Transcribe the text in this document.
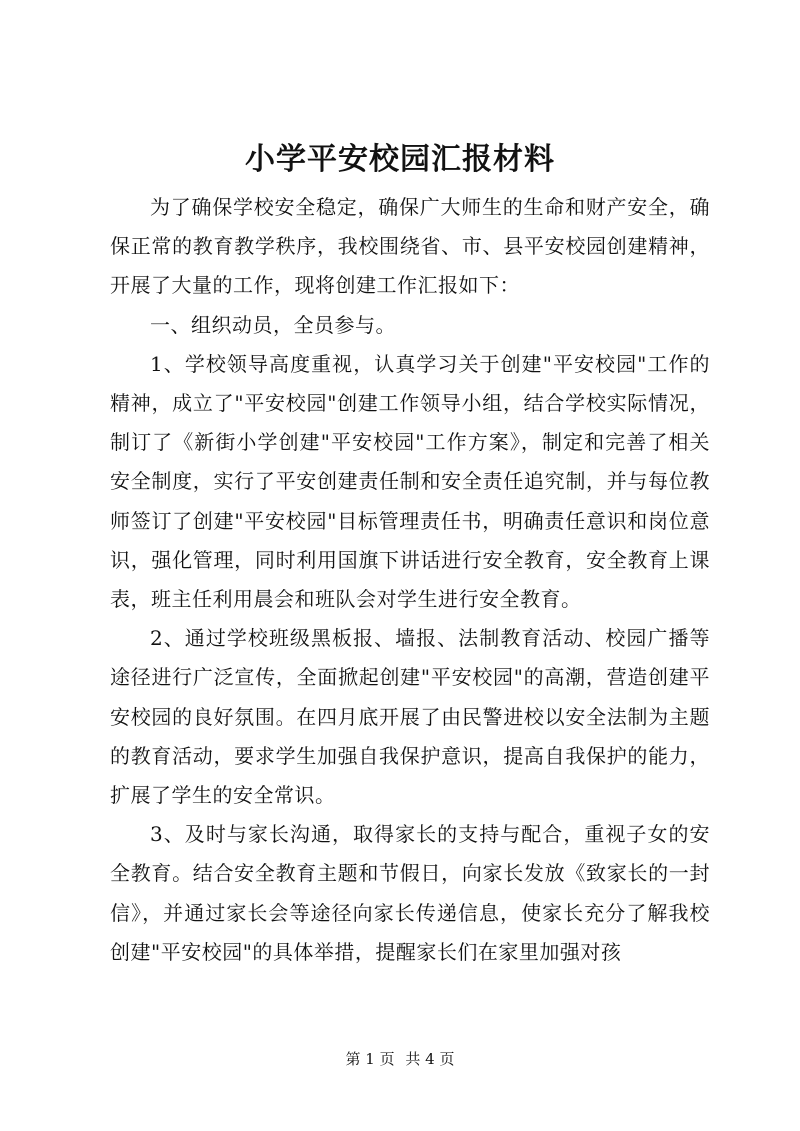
小学平安校园汇报材料

为了确保学校安全稳定，确保广大师生的生命和财产安全，确保正常的教育教学秩序，我校围绕省、市、县平安校园创建精神，开展了大量的工作，现将创建工作汇报如下：

一、组织动员，全员参与。

1、学校领导高度重视，认真学习关于创建"平安校园"工作的精神，成立了"平安校园"创建工作领导小组，结合学校实际情况，制订了《新街小学创建"平安校园"工作方案》，制定和完善了相关安全制度，实行了平安创建责任制和安全责任追究制，并与每位教师签订了创建"平安校园"目标管理责任书，明确责任意识和岗位意识，强化管理，同时利用国旗下讲话进行安全教育，安全教育上课表，班主任利用晨会和班队会对学生进行安全教育。

2、通过学校班级黑板报、墙报、法制教育活动、校园广播等途径进行广泛宣传，全面掀起创建"平安校园"的高潮，营造创建平安校园的良好氛围。在四月底开展了由民警进校以安全法制为主题的教育活动，要求学生加强自我保护意识，提高自我保护的能力，扩展了学生的安全常识。

3、及时与家长沟通，取得家长的支持与配合，重视子女的安全教育。结合安全教育主题和节假日，向家长发放《致家长的一封信》，并通过家长会等途径向家长传递信息，使家长充分了解我校创建"平安校园"的具体举措，提醒家长们在家里加强对孩

第 1 页 共 4 页
